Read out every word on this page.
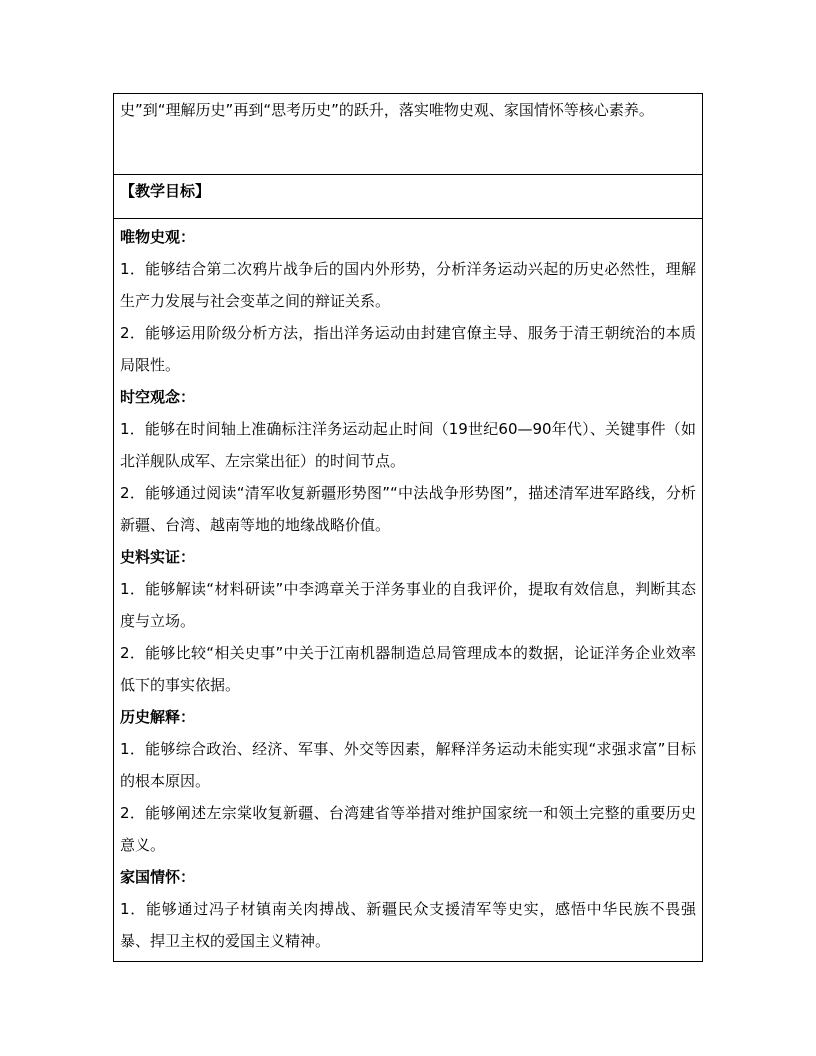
史”到“理解历史”再到“思考历史”的跃升，落实唯物史观、家国情怀等核心素养。

【教学目标】

唯物史观：

1．能够结合第二次鸦片战争后的国内外形势，分析洋务运动兴起的历史必然性，理解生产力发展与社会变革之间的辩证关系。

2．能够运用阶级分析方法，指出洋务运动由封建官僚主导、服务于清王朝统治的本质局限性。

时空观念：

1．能够在时间轴上准确标注洋务运动起止时间（19世纪60—90年代）、关键事件（如北洋舰队成军、左宗棠出征）的时间节点。

2．能够通过阅读“清军收复新疆形势图”“中法战争形势图”，描述清军进军路线，分析新疆、台湾、越南等地的地缘战略价值。

史料实证：

1．能够解读“材料研读”中李鸿章关于洋务事业的自我评价，提取有效信息，判断其态度与立场。

2．能够比较“相关史事”中关于江南机器制造总局管理成本的数据，论证洋务企业效率低下的事实依据。

历史解释：

1．能够综合政治、经济、军事、外交等因素，解释洋务运动未能实现“求强求富”目标的根本原因。

2．能够阐述左宗棠收复新疆、台湾建省等举措对维护国家统一和领土完整的重要历史意义。

家国情怀：

1．能够通过冯子材镇南关肉搏战、新疆民众支援清军等史实，感悟中华民族不畏强暴、捍卫主权的爱国主义精神。
